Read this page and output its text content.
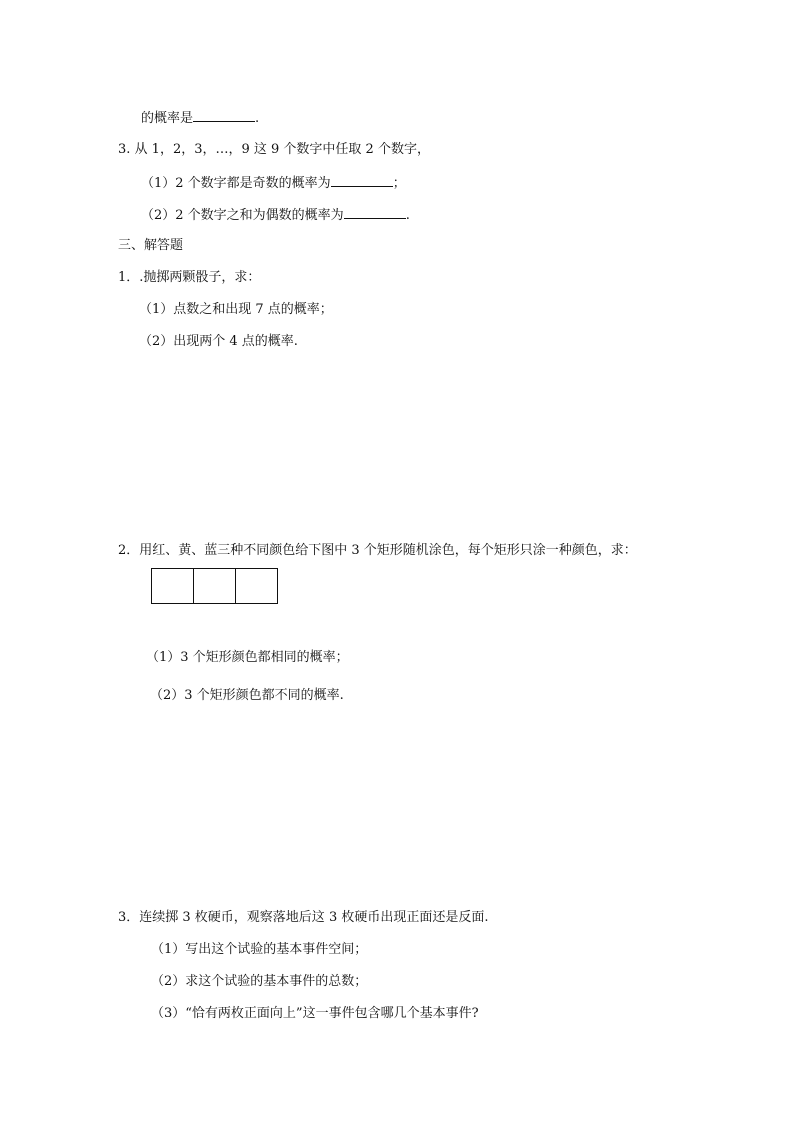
的概率是	.
3. 从 1，2，3，…，9 这 9 个数字中任取 2 个数字，
（1）2 个数字都是奇数的概率为	；
（2）2 个数字之和为偶数的概率为	.
三、解答题
1．.抛掷两颗骰子，求：
（1）点数之和出现 7 点的概率；
（2）出现两个 4 点的概率.
2．用红、黄、蓝三种不同颜色给下图中 3 个矩形随机涂色，每个矩形只涂一种颜色，求：
（1）3 个矩形颜色都相同的概率；
（2）3 个矩形颜色都不同的概率.
3．连续掷 3 枚硬币，观察落地后这 3 枚硬币出现正面还是反面.
（1）写出这个试验的基本事件空间；
（2）求这个试验的基本事件的总数；
（3）“恰有两枚正面向上”这一事件包含哪几个基本事件?
